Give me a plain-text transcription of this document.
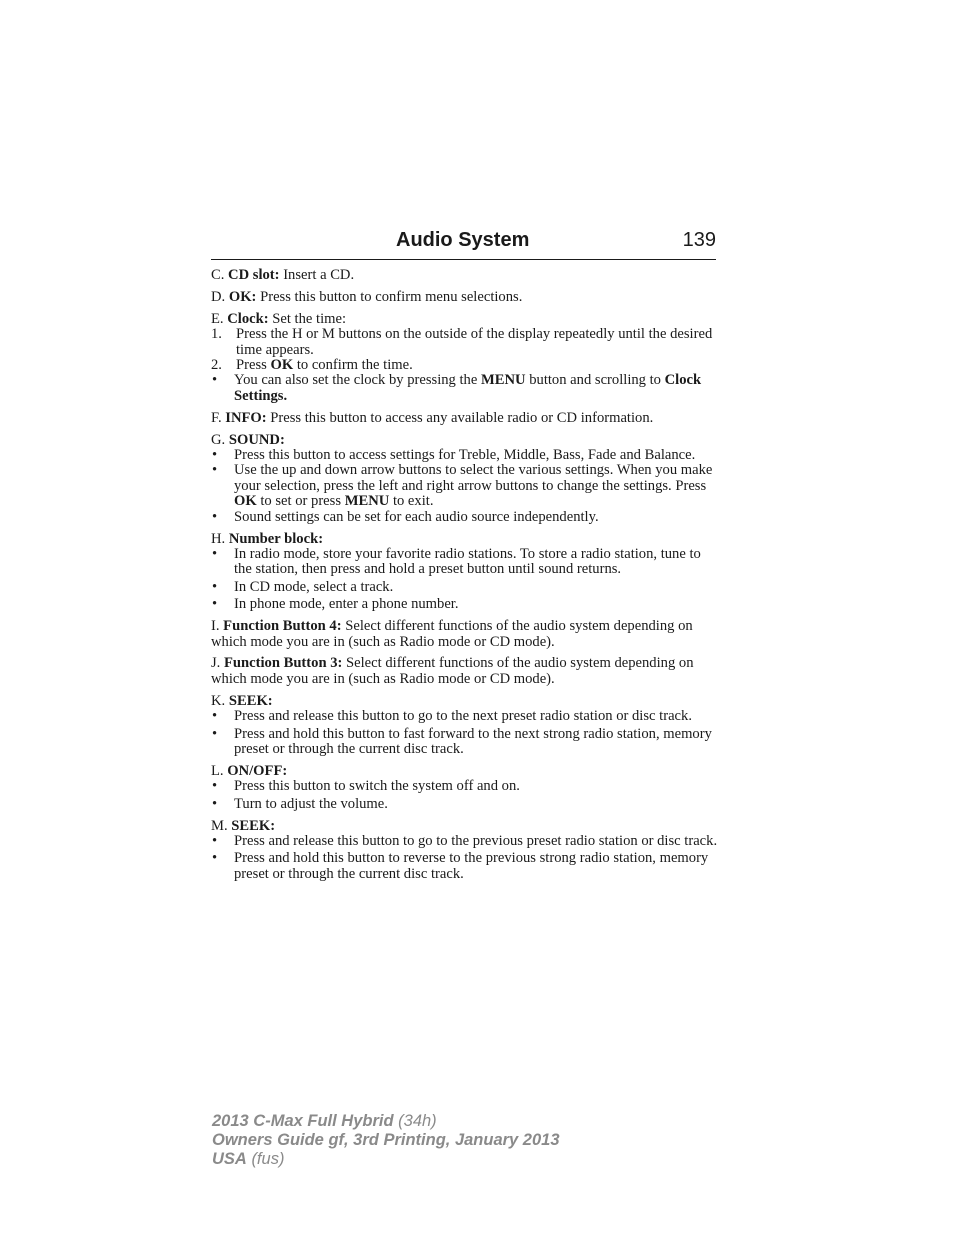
Audio System	139

C. CD slot: Insert a CD.

D. OK: Press this button to confirm menu selections.

E. Clock: Set the time:

1. Press the H or M buttons on the outside of the display repeatedly until the desired time appears.

2. Press OK to confirm the time.

• You can also set the clock by pressing the MENU button and scrolling to Clock Settings.

F. INFO: Press this button to access any available radio or CD information.

G. SOUND:

• Press this button to access settings for Treble, Middle, Bass, Fade and Balance.

• Use the up and down arrow buttons to select the various settings. When you make your selection, press the left and right arrow buttons to change the settings. Press OK to set or press MENU to exit.

• Sound settings can be set for each audio source independently.

H. Number block:

• In radio mode, store your favorite radio stations. To store a radio station, tune to the station, then press and hold a preset button until sound returns.

• In CD mode, select a track.

• In phone mode, enter a phone number.

I. Function Button 4: Select different functions of the audio system depending on which mode you are in (such as Radio mode or CD mode).

J. Function Button 3: Select different functions of the audio system depending on which mode you are in (such as Radio mode or CD mode).

K. SEEK:

• Press and release this button to go to the next preset radio station or disc track.

• Press and hold this button to fast forward to the next strong radio station, memory preset or through the current disc track.

L. ON/OFF:

• Press this button to switch the system off and on.

• Turn to adjust the volume.

M. SEEK:

• Press and release this button to go to the previous preset radio station or disc track.

• Press and hold this button to reverse to the previous strong radio station, memory preset or through the current disc track.

2013 C-Max Full Hybrid (34h)
Owners Guide gf, 3rd Printing, January 2013
USA (fus)
